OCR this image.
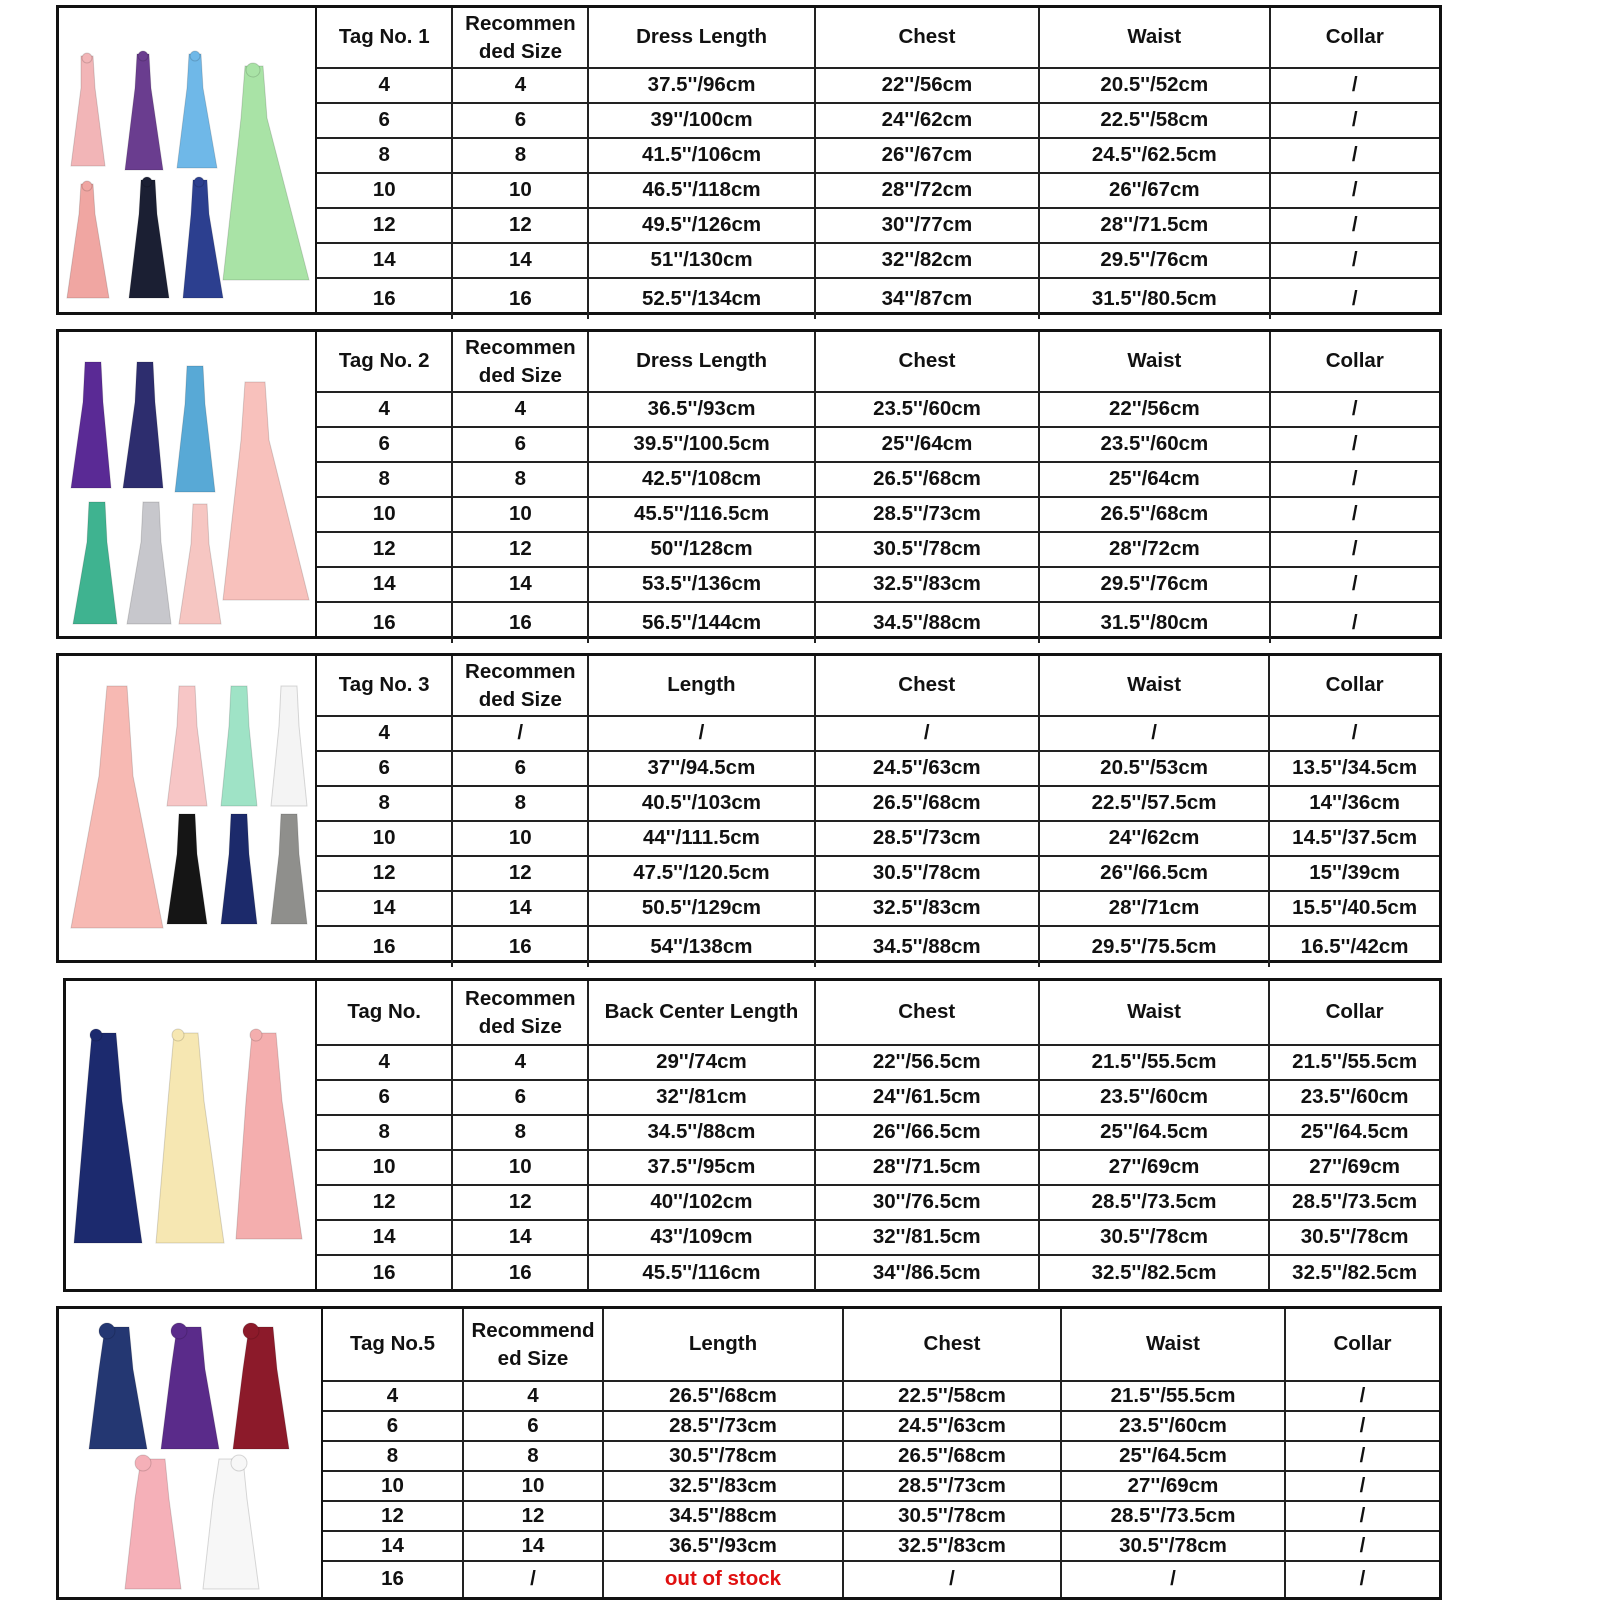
Tag No. 1	Recommen
ded Size	Dress Length	Chest	Waist	Collar
4	4	37.5''/96cm	22''/56cm	20.5''/52cm	/
6	6	39''/100cm	24''/62cm	22.5''/58cm	/
8	8	41.5''/106cm	26''/67cm	24.5''/62.5cm	/
10	10	46.5''/118cm	28''/72cm	26''/67cm	/
12	12	49.5''/126cm	30''/77cm	28''/71.5cm	/
14	14	51''/130cm	32''/82cm	29.5''/76cm	/
16	16	52.5''/134cm	34''/87cm	31.5''/80.5cm	/
Tag No. 2	Recommen
ded Size	Dress Length	Chest	Waist	Collar
4	4	36.5''/93cm	23.5''/60cm	22''/56cm	/
6	6	39.5''/100.5cm	25''/64cm	23.5''/60cm	/
8	8	42.5''/108cm	26.5''/68cm	25''/64cm	/
10	10	45.5''/116.5cm	28.5''/73cm	26.5''/68cm	/
12	12	50''/128cm	30.5''/78cm	28''/72cm	/
14	14	53.5''/136cm	32.5''/83cm	29.5''/76cm	/
16	16	56.5''/144cm	34.5''/88cm	31.5''/80cm	/
Tag No. 3	Recommen
ded Size	Length	Chest	Waist	Collar
4	/	/	/	/	/
6	6	37''/94.5cm	24.5''/63cm	20.5''/53cm	13.5''/34.5cm
8	8	40.5''/103cm	26.5''/68cm	22.5''/57.5cm	14''/36cm
10	10	44''/111.5cm	28.5''/73cm	24''/62cm	14.5''/37.5cm
12	12	47.5''/120.5cm	30.5''/78cm	26''/66.5cm	15''/39cm
14	14	50.5''/129cm	32.5''/83cm	28''/71cm	15.5''/40.5cm
16	16	54''/138cm	34.5''/88cm	29.5''/75.5cm	16.5''/42cm
Tag No.	Recommen
ded Size	Back Center Length	Chest	Waist	Collar
4	4	29''/74cm	22''/56.5cm	21.5''/55.5cm	21.5''/55.5cm
6	6	32''/81cm	24''/61.5cm	23.5''/60cm	23.5''/60cm
8	8	34.5''/88cm	26''/66.5cm	25''/64.5cm	25''/64.5cm
10	10	37.5''/95cm	28''/71.5cm	27''/69cm	27''/69cm
12	12	40''/102cm	30''/76.5cm	28.5''/73.5cm	28.5''/73.5cm
14	14	43''/109cm	32''/81.5cm	30.5''/78cm	30.5''/78cm
16	16	45.5''/116cm	34''/86.5cm	32.5''/82.5cm	32.5''/82.5cm
Tag No.5	Recommend
ed Size	Length	Chest	Waist	Collar
4	4	26.5''/68cm	22.5''/58cm	21.5''/55.5cm	/
6	6	28.5''/73cm	24.5''/63cm	23.5''/60cm	/
8	8	30.5''/78cm	26.5''/68cm	25''/64.5cm	/
10	10	32.5''/83cm	28.5''/73cm	27''/69cm	/
12	12	34.5''/88cm	30.5''/78cm	28.5''/73.5cm	/
14	14	36.5''/93cm	32.5''/83cm	30.5''/78cm	/
16	/	out of stock	/	/	/
